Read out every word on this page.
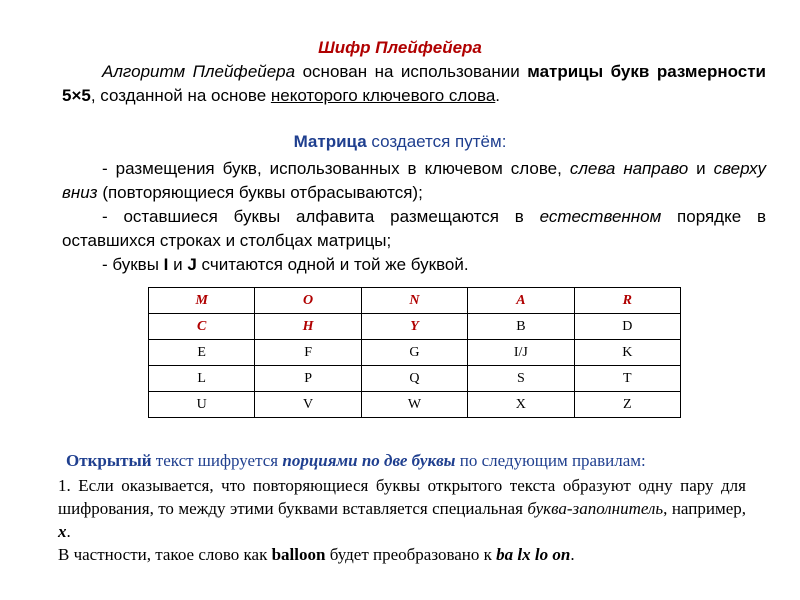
Шифр Плейфейера
Алгоритм Плейфейера основан на использовании матрицы букв размерности 5×5, созданной на основе некоторого ключевого слова.
Матрица создается путём:
- размещения букв, использованных в ключевом слове, слева направо и сверху вниз (повторяющиеся буквы отбрасываются);
- оставшиеся буквы алфавита размещаются в естественном порядке в оставшихся строках и столбцах матрицы;
- буквы I и J считаются одной и той же буквой.
M	O	N	A	R
C	H	Y	B	D
E	F	G	I/J	K
L	P	Q	S	T
U	V	W	X	Z
Открытый текст шифруется порциями по две буквы по следующим правилам:
1. Если оказывается, что повторяющиеся буквы открытого текста образуют одну пару для шифрования, то между этими буквами вставляется специальная буква-заполнитель, например, x.
В частности, такое слово как balloon будет преобразовано к ba lx lo on.
